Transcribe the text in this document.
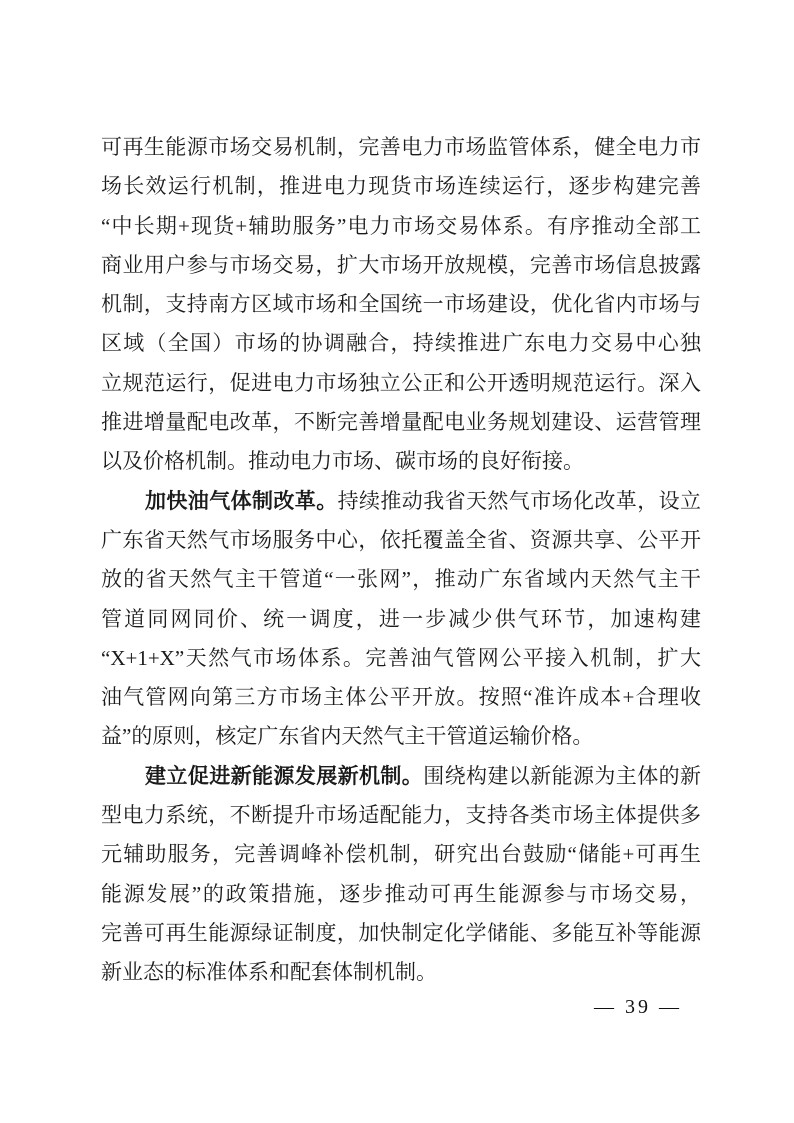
可再生能源市场交易机制，完善电力市场监管体系，健全电力市
场长效运行机制，推进电力现货市场连续运行，逐步构建完善
“中长期+现货+辅助服务”电力市场交易体系。有序推动全部工
商业用户参与市场交易，扩大市场开放规模，完善市场信息披露
机制，支持南方区域市场和全国统一市场建设，优化省内市场与
区域（全国）市场的协调融合，持续推进广东电力交易中心独
立规范运行，促进电力市场独立公正和公开透明规范运行。深入
推进增量配电改革，不断完善增量配电业务规划建设、运营管理
以及价格机制。推动电力市场、碳市场的良好衔接。
加快油气体制改革。持续推动我省天然气市场化改革，设立
广东省天然气市场服务中心，依托覆盖全省、资源共享、公平开
放的省天然气主干管道“一张网”，推动广东省域内天然气主干
管道同网同价、统一调度，进一步减少供气环节，加速构建
“X+1+X”天然气市场体系。完善油气管网公平接入机制，扩大
油气管网向第三方市场主体公平开放。按照“准许成本+合理收
益”的原则，核定广东省内天然气主干管道运输价格。
建立促进新能源发展新机制。围绕构建以新能源为主体的新
型电力系统，不断提升市场适配能力，支持各类市场主体提供多
元辅助服务，完善调峰补偿机制，研究出台鼓励“储能+可再生
能源发展”的政策措施，逐步推动可再生能源参与市场交易，
完善可再生能源绿证制度，加快制定化学储能、多能互补等能源
新业态的标准体系和配套体制机制。
— 39 —
